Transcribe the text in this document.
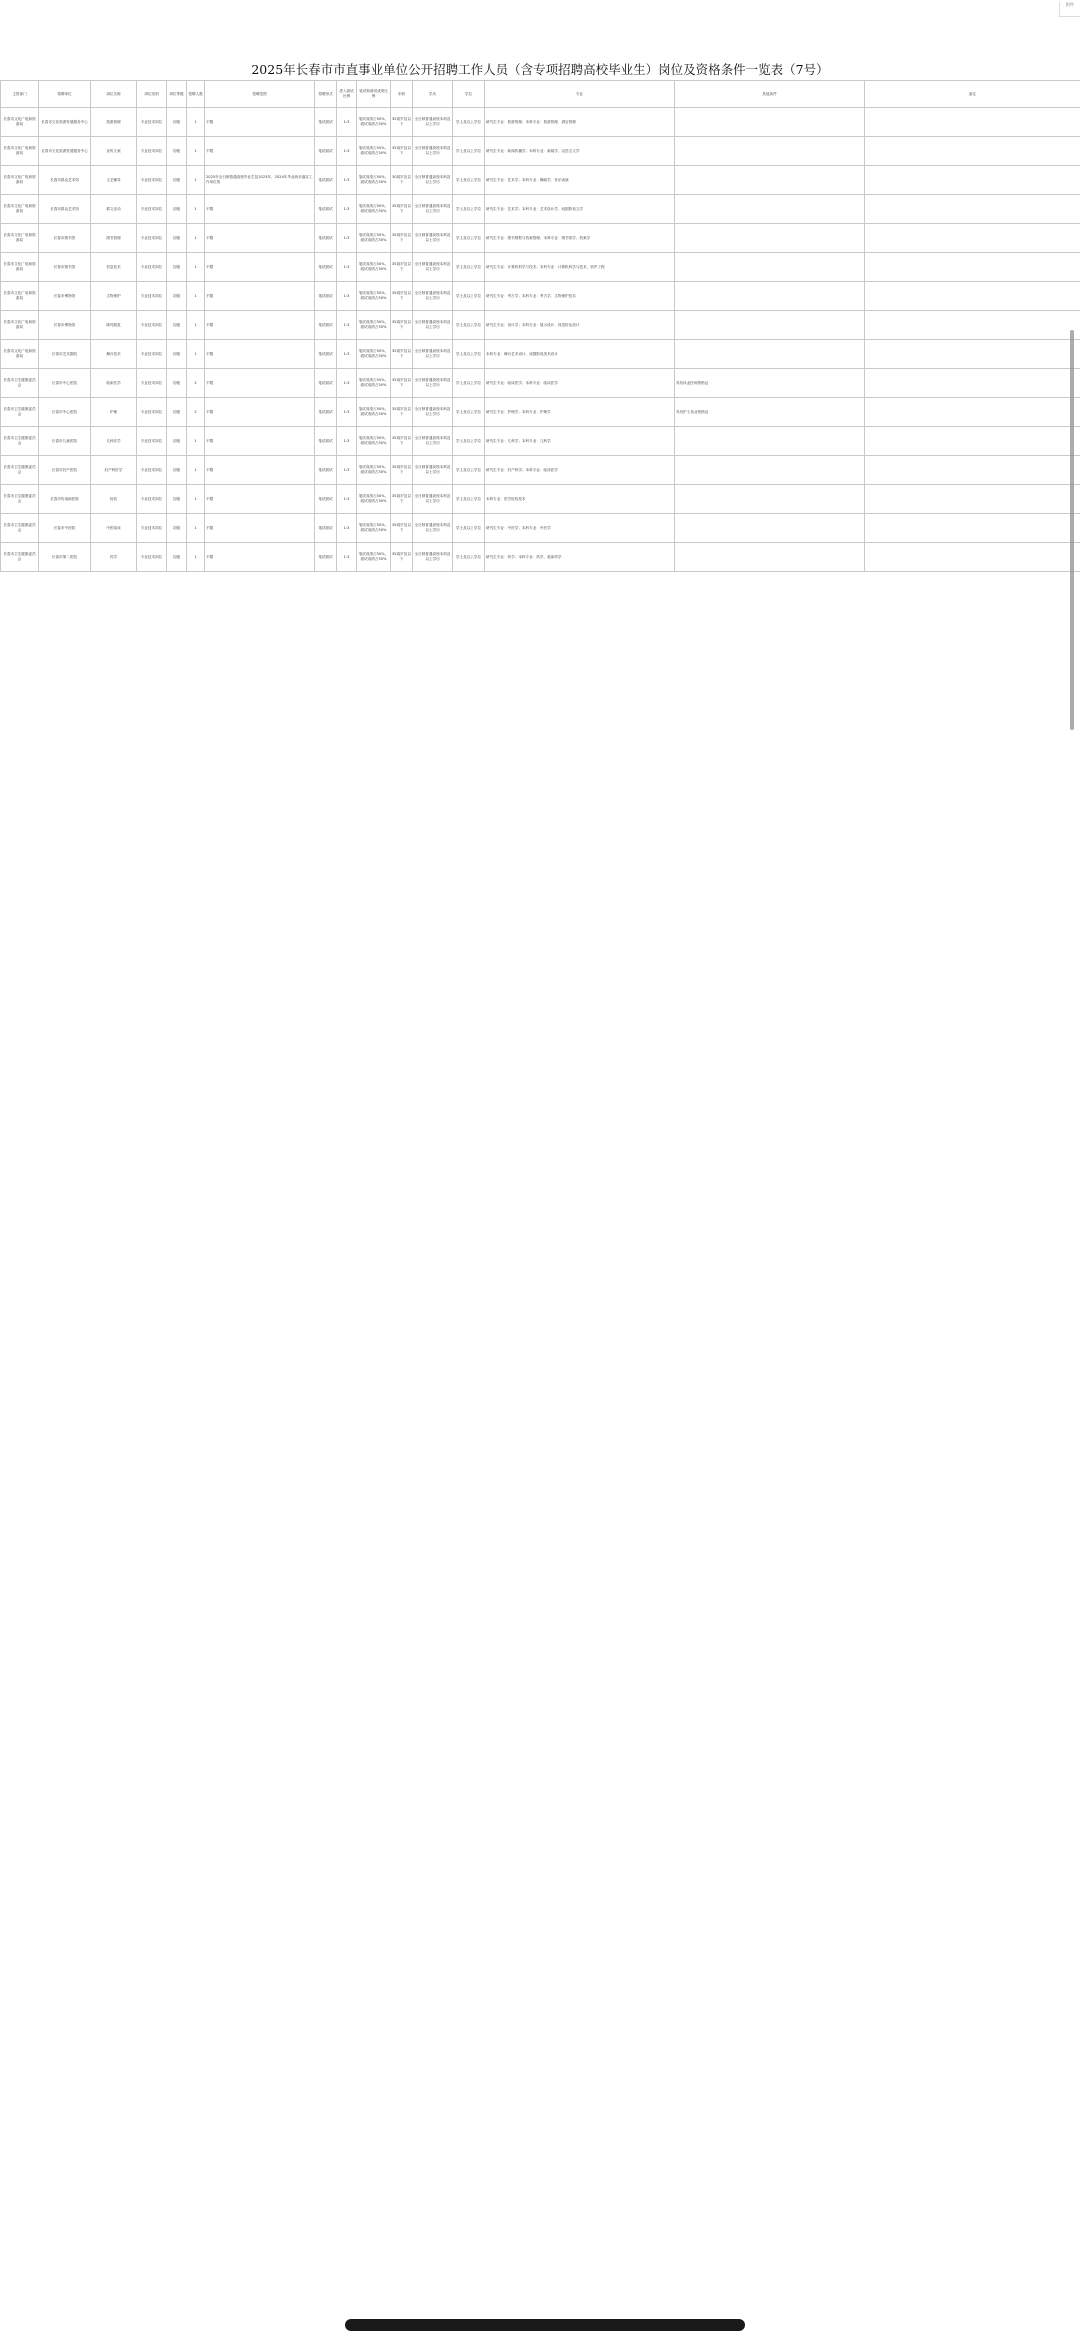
附件
2025年长春市市直事业单位公开招聘工作人员（含专项招聘高校毕业生）岗位及资格条件一览表（7号）
主管部门	招聘单位	岗位名称	岗位类别	岗位等级	招聘人数	招聘范围	招聘形式	进入面试比例	笔试和面试成绩比例	年龄	学历	学位	专业	其他条件	备注
长春市文化广电和旅游局	长春市文化旅游发展服务中心	旅游管理	专业技术岗位	初级	1	不限	笔试面试	1:3	笔试成绩占50%，面试成绩占50%	35周岁及以下	全日制普通高校本科及以上学历	学士及以上学位	研究生专业：旅游管理；本科专业：旅游管理、酒店管理		
长春市文化广电和旅游局	长春市文化旅游发展服务中心	宣传文案	专业技术岗位	初级	1	不限	笔试面试	1:3	笔试成绩占50%，面试成绩占50%	35周岁及以下	全日制普通高校本科及以上学历	学士及以上学位	研究生专业：新闻传播学；本科专业：新闻学、汉语言文学		
长春市文化广电和旅游局	长春市群众艺术馆	文艺辅导	专业技术岗位	初级	1	2025年全日制普通高校毕业生及2023年、2024年毕业尚未落实工作单位的	笔试面试	1:3	笔试成绩占50%，面试成绩占50%	30周岁及以下	全日制普通高校本科及以上学历	学士及以上学位	研究生专业：艺术学；本科专业：舞蹈学、音乐表演		
长春市文化广电和旅游局	长春市群众艺术馆	群文活动	专业技术岗位	初级	1	不限	笔试面试	1:3	笔试成绩占50%，面试成绩占50%	35周岁及以下	全日制普通高校本科及以上学历	学士及以上学位	研究生专业：艺术学；本科专业：艺术设计学、戏剧影视文学		
长春市文化广电和旅游局	长春市图书馆	图书管理	专业技术岗位	初级	1	不限	笔试面试	1:3	笔试成绩占50%，面试成绩占50%	35周岁及以下	全日制普通高校本科及以上学历	学士及以上学位	研究生专业：图书情报与档案管理；本科专业：图书馆学、档案学		
长春市文化广电和旅游局	长春市图书馆	信息技术	专业技术岗位	初级	1	不限	笔试面试	1:3	笔试成绩占50%，面试成绩占50%	35周岁及以下	全日制普通高校本科及以上学历	学士及以上学位	研究生专业：计算机科学与技术；本科专业：计算机科学与技术、软件工程		
长春市文化广电和旅游局	长春市博物馆	文物保护	专业技术岗位	初级	1	不限	笔试面试	1:3	笔试成绩占50%，面试成绩占50%	35周岁及以下	全日制普通高校本科及以上学历	学士及以上学位	研究生专业：考古学；本科专业：考古学、文物保护技术		
长春市文化广电和旅游局	长春市博物馆	陈列展览	专业技术岗位	初级	1	不限	笔试面试	1:3	笔试成绩占50%，面试成绩占50%	35周岁及以下	全日制普通高校本科及以上学历	学士及以上学位	研究生专业：设计学；本科专业：展示设计、视觉传达设计		
长春市文化广电和旅游局	长春市艺术剧院	舞台技术	专业技术岗位	初级	1	不限	笔试面试	1:3	笔试成绩占50%，面试成绩占50%	35周岁及以下	全日制普通高校本科及以上学历	学士及以上学位	本科专业：舞台艺术设计、戏剧影视美术设计		
长春市卫生健康委员会	长春市中心医院	临床医学	专业技术岗位	初级	2	不限	笔试面试	1:3	笔试成绩占50%，面试成绩占50%	35周岁及以下	全日制普通高校本科及以上学历	学士及以上学位	研究生专业：临床医学；本科专业：临床医学	具有执业医师资格证	
长春市卫生健康委员会	长春市中心医院	护理	专业技术岗位	初级	2	不限	笔试面试	1:3	笔试成绩占50%，面试成绩占50%	35周岁及以下	全日制普通高校本科及以上学历	学士及以上学位	研究生专业：护理学；本科专业：护理学	具有护士执业资格证	
长春市卫生健康委员会	长春市儿童医院	儿科医学	专业技术岗位	初级	1	不限	笔试面试	1:3	笔试成绩占50%，面试成绩占50%	35周岁及以下	全日制普通高校本科及以上学历	学士及以上学位	研究生专业：儿科学；本科专业：儿科学		
长春市卫生健康委员会	长春市妇产医院	妇产科医学	专业技术岗位	初级	1	不限	笔试面试	1:3	笔试成绩占50%，面试成绩占50%	35周岁及以下	全日制普通高校本科及以上学历	学士及以上学位	研究生专业：妇产科学；本科专业：临床医学		
长春市卫生健康委员会	长春市传染病医院	检验	专业技术岗位	初级	1	不限	笔试面试	1:3	笔试成绩占50%，面试成绩占50%	35周岁及以下	全日制普通高校本科及以上学历	学士及以上学位	本科专业：医学检验技术		
长春市卫生健康委员会	长春市中医院	中医临床	专业技术岗位	初级	1	不限	笔试面试	1:3	笔试成绩占50%，面试成绩占50%	35周岁及以下	全日制普通高校本科及以上学历	学士及以上学位	研究生专业：中医学；本科专业：中医学		
长春市卫生健康委员会	长春市第二医院	药学	专业技术岗位	初级	1	不限	笔试面试	1:3	笔试成绩占50%，面试成绩占50%	35周岁及以下	全日制普通高校本科及以上学历	学士及以上学位	研究生专业：药学；本科专业：药学、临床药学		
